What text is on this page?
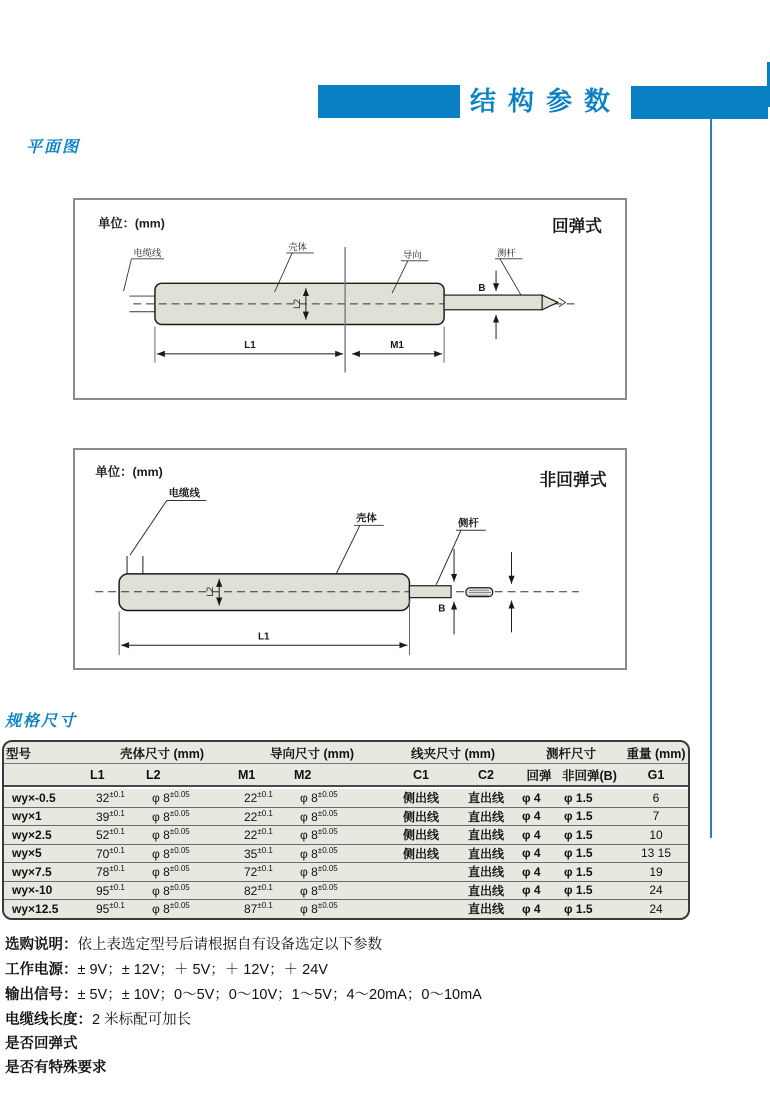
结构参数
平面图
单位：(mm)	回弹式
电缆线
壳体
导向	测杆
L2
B
L1	M1
单位：(mm)	非回弹式
电缆线
壳体	侧杆
L2
B
L1
规格尺寸
型号	壳体尺寸 (mm)		导向尺寸 (mm)		线夹尺寸 (mm)		测杆尺寸		重量 (mm)
	L1	L2	M1	M2	C1	C2	回弹	非回弹(B)	G1
wy×-0.5	$32^{\pm 0.1}$	φ $8^{\pm 0.05}$	$22^{\pm 0.1}$	φ $8^{\pm 0.05}$	侧出线	直出线	φ 4	φ 1.5	6
wy×1	$39^{\pm 0.1}$	φ $8^{\pm 0.05}$	$22^{\pm 0.1}$	φ $8^{\pm 0.05}$	侧出线	直出线	φ 4	φ 1.5	7
wy×2.5	$52^{\pm 0.1}$	φ $8^{\pm 0.05}$	$22^{\pm 0.1}$	φ $8^{\pm 0.05}$	侧出线	直出线	φ 4	φ 1.5	10
wy×5	$70^{\pm 0.1}$	φ $8^{\pm 0.05}$	$35^{\pm 0.1}$	φ $8^{\pm 0.05}$	侧出线	直出线	φ 4	φ 1.5	13 15
wy×7.5	$78^{\pm 0.1}$	φ $8^{\pm 0.05}$	$72^{\pm 0.1}$	φ $8^{\pm 0.05}$		直出线	φ 4	φ 1.5	19
wy×-10	$95^{\pm 0.1}$	φ $8^{\pm 0.05}$	$82^{\pm 0.1}$	φ $8^{\pm 0.05}$		直出线	φ 4	φ 1.5	24
wy×12.5	$95^{\pm 0.1}$	φ $8^{\pm 0.05}$	$87^{\pm 0.1}$	φ $8^{\pm 0.05}$		直出线	φ 4	φ 1.5	24
选购说明：依上表选定型号后请根据自有设备选定以下参数
工作电源：± 9V；± 12V；＋ 5V；＋ 12V；＋ 24V
输出信号：± 5V；± 10V；0～5V；0～10V；1～5V；4～20mA；0～10mA
电缆线长度：2 米标配可加长
是否回弹式
是否有特殊要求
